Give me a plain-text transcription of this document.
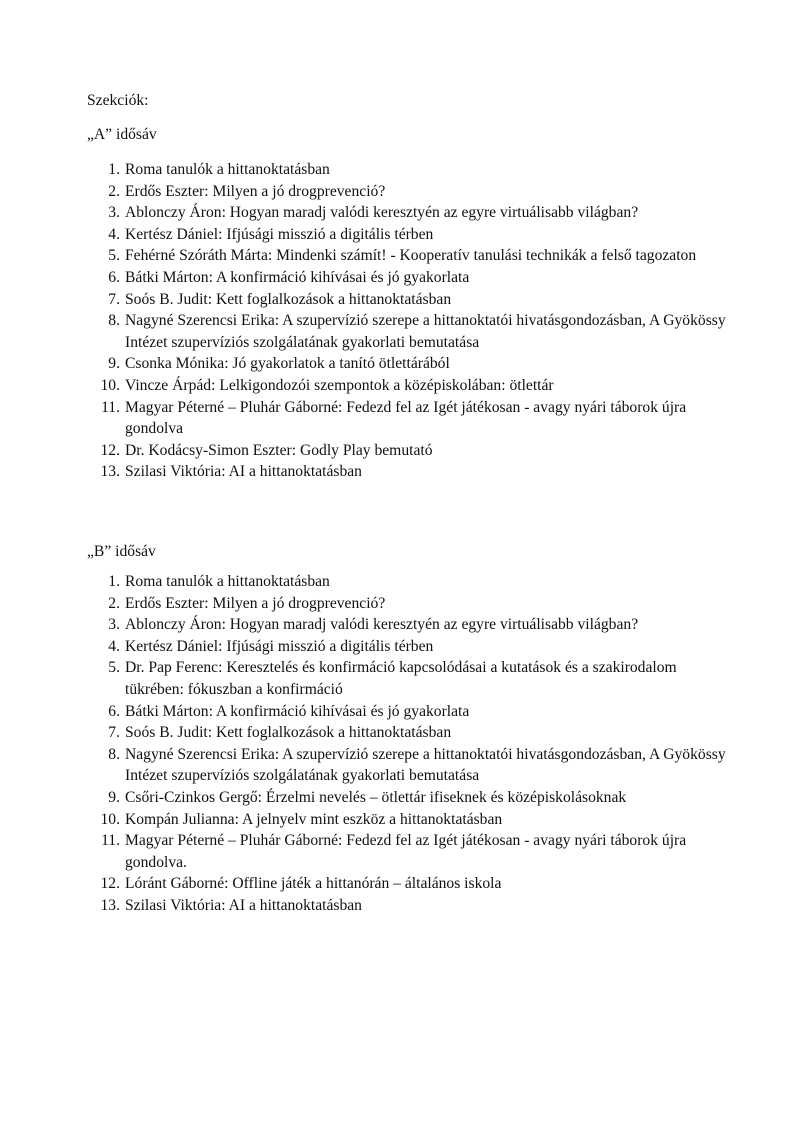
Szekciók:

„A” idősáv

1. Roma tanulók a hittanoktatásban
2. Erdős Eszter: Milyen a jó drogprevenció?
3. Ablonczy Áron: Hogyan maradj valódi keresztyén az egyre virtuálisabb világban?
4. Kertész Dániel: Ifjúsági misszió a digitális térben
5. Fehérné Szóráth Márta: Mindenki számít! - Kooperatív tanulási technikák a felső tagozaton
6. Bátki Márton: A konfirmáció kihívásai és jó gyakorlata
7. Soós B. Judit: Kett foglalkozások a hittanoktatásban
8. Nagyné Szerencsi Erika: A szupervízió szerepe a hittanoktatói hivatásgondozásban, A Gyökössy Intézet szupervíziós szolgálatának gyakorlati bemutatása
9. Csonka Mónika: Jó gyakorlatok a tanító ötlettárából
10. Vincze Árpád: Lelkigondozói szempontok a középiskolában: ötlettár
11. Magyar Péterné – Pluhár Gáborné: Fedezd fel az Igét játékosan - avagy nyári táborok újra gondolva
12. Dr. Kodácsy-Simon Eszter: Godly Play bemutató
13. Szilasi Viktória: AI a hittanoktatásban

„B” idősáv

1. Roma tanulók a hittanoktatásban
2. Erdős Eszter: Milyen a jó drogprevenció?
3. Ablonczy Áron: Hogyan maradj valódi keresztyén az egyre virtuálisabb világban?
4. Kertész Dániel: Ifjúsági misszió a digitális térben
5. Dr. Pap Ferenc: Keresztelés és konfirmáció kapcsolódásai a kutatások és a szakirodalom tükrében: fókuszban a konfirmáció
6. Bátki Márton: A konfirmáció kihívásai és jó gyakorlata
7. Soós B. Judit: Kett foglalkozások a hittanoktatásban
8. Nagyné Szerencsi Erika: A szupervízió szerepe a hittanoktatói hivatásgondozásban, A Gyökössy Intézet szupervíziós szolgálatának gyakorlati bemutatása
9. Csőri-Czinkos Gergő: Érzelmi nevelés – ötlettár ifiseknek és középiskolásoknak
10. Kompán Julianna: A jelnyelv mint eszköz a hittanoktatásban
11. Magyar Péterné – Pluhár Gáborné: Fedezd fel az Igét játékosan - avagy nyári táborok újra gondolva.
12. Lóránt Gáborné: Offline játék a hittanórán – általános iskola
13. Szilasi Viktória: AI a hittanoktatásban
